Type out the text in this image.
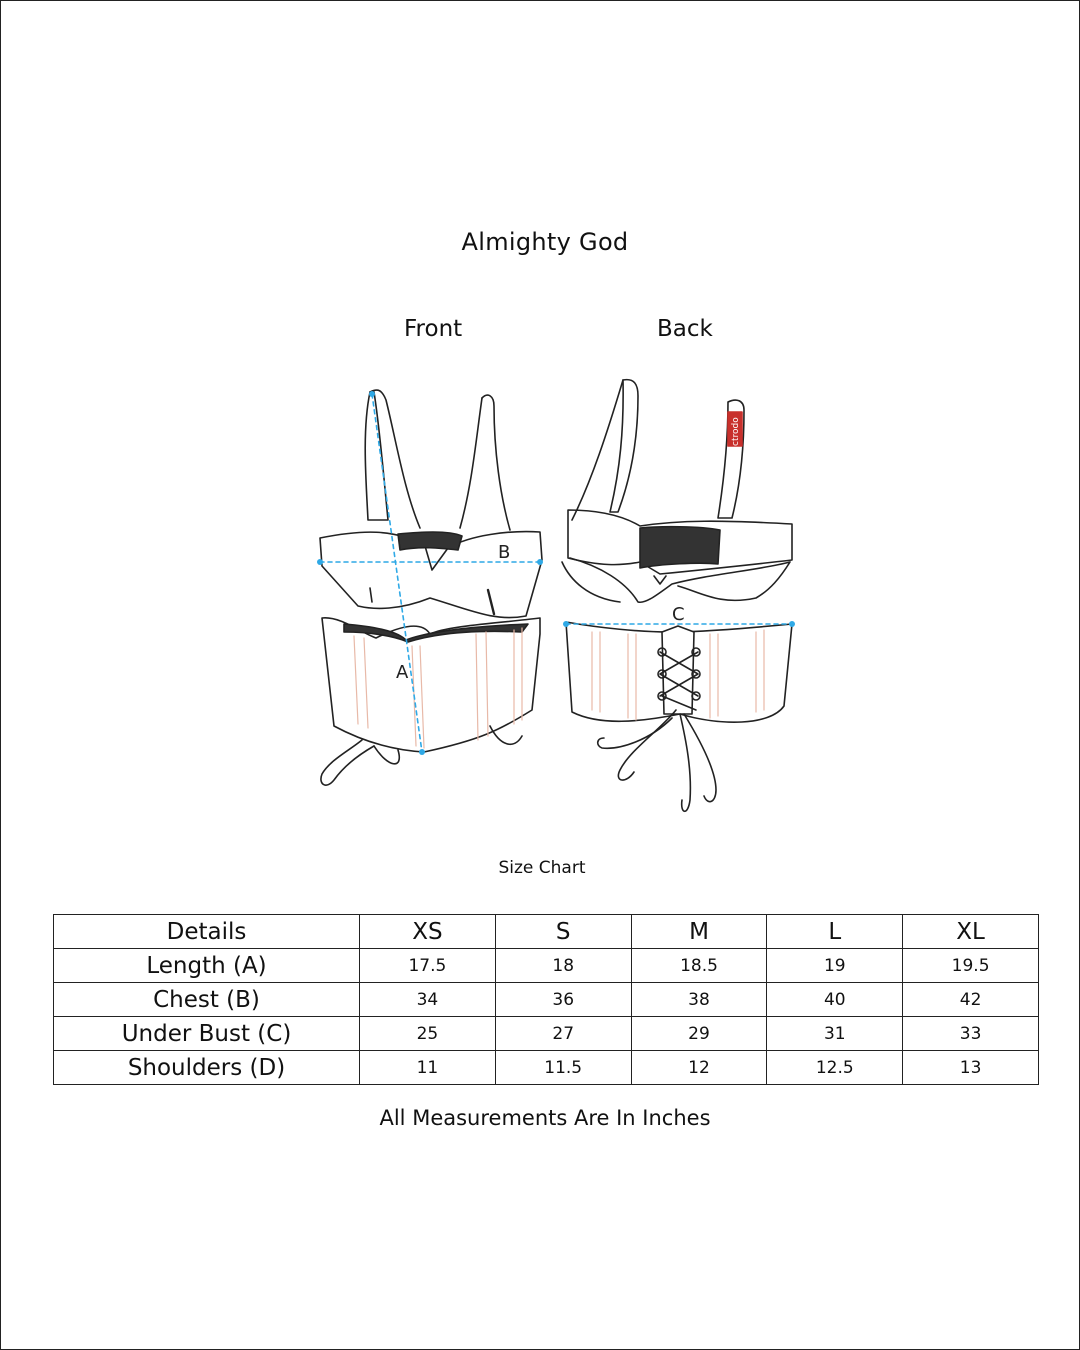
Almighty God
Front	Back
A
B
C
ctrodo
Size Chart
Details	XS	S	M	L	XL
Length (A)	17.5	18	18.5	19	19.5
Chest (B)	34	36	38	40	42
Under Bust (C)	25	27	29	31	33
Shoulders (D)	11	11.5	12	12.5	13
All Measurements Are In Inches
